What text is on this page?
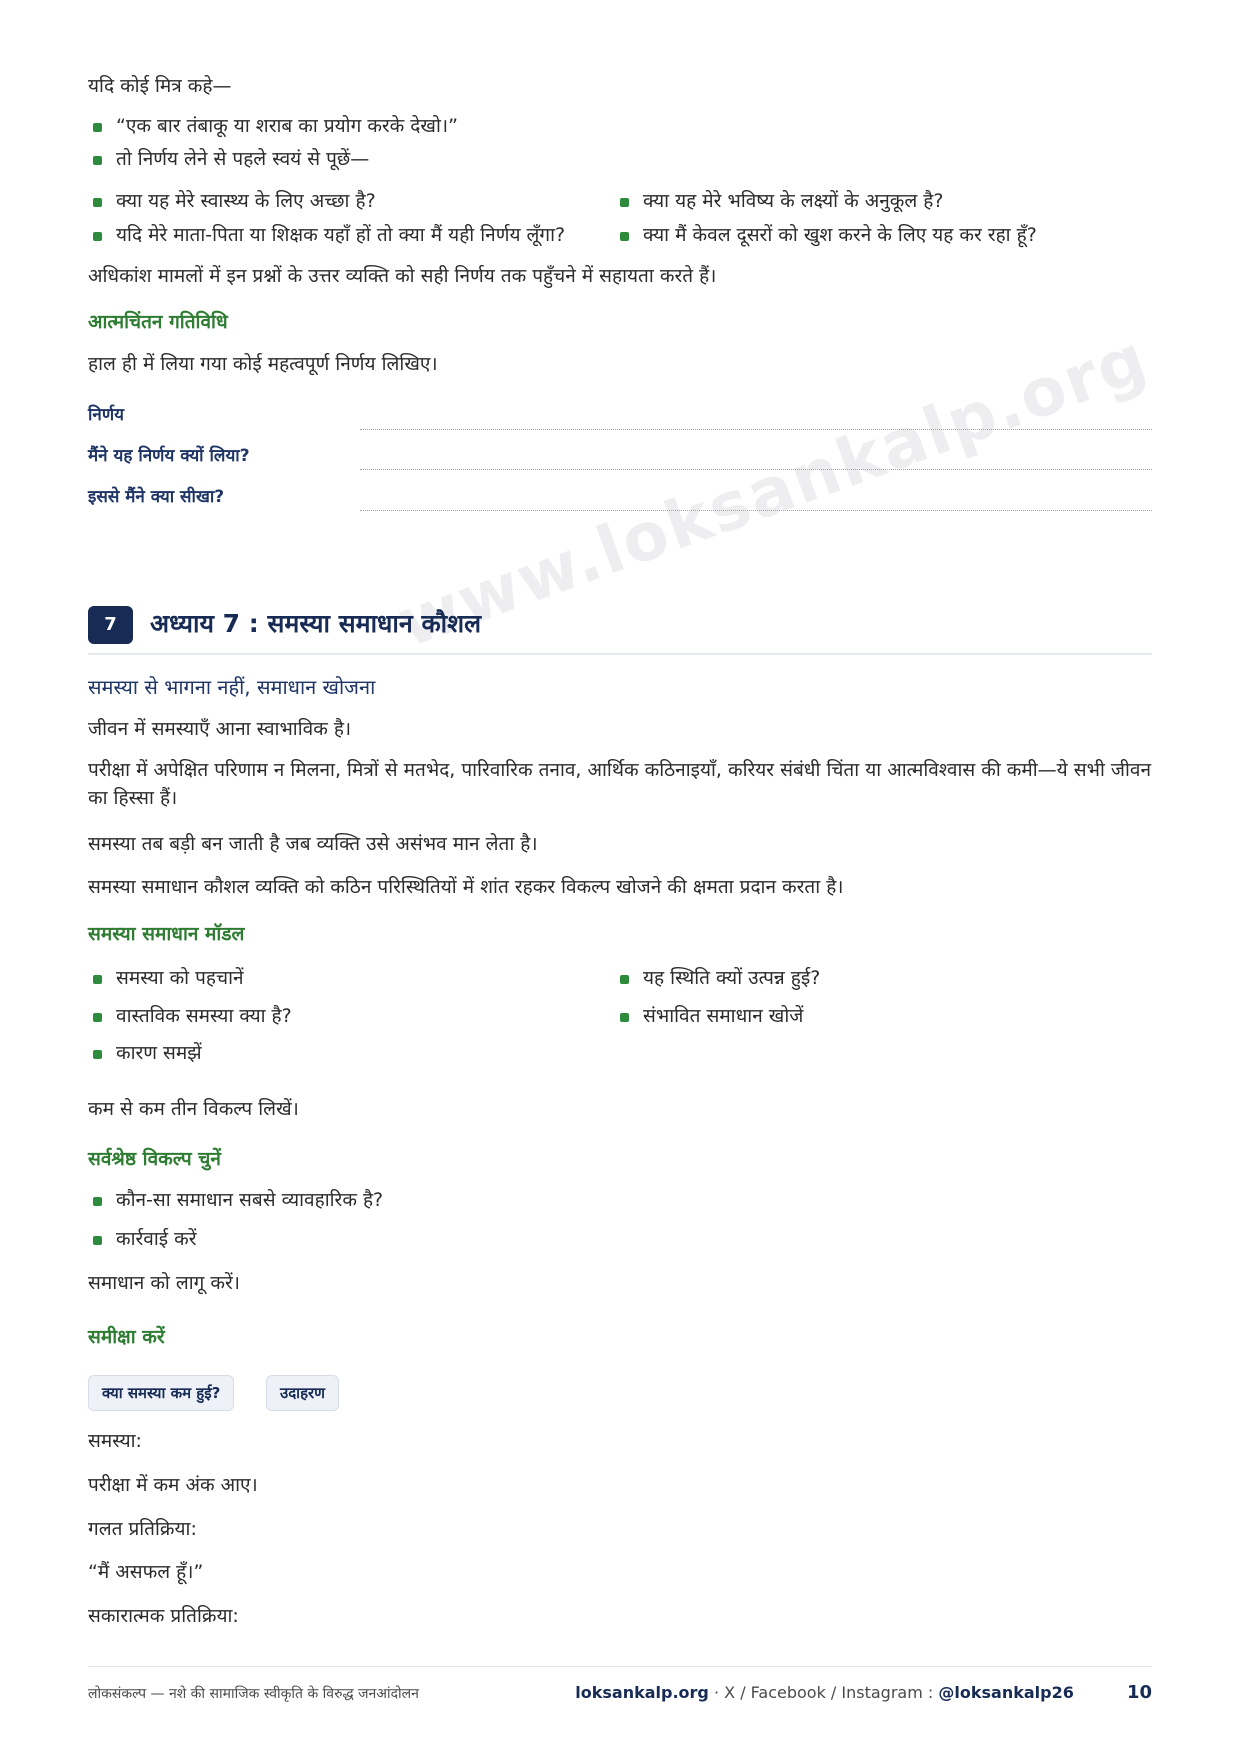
www.loksankalp.org

यदि कोई मित्र कहे—

“एक बार तंबाकू या शराब का प्रयोग करके देखो।”
तो निर्णय लेने से पहले स्वयं से पूछें—
क्या यह मेरे स्वास्थ्य के लिए अच्छा है?
यदि मेरे माता-पिता या शिक्षक यहाँ हों तो क्या मैं यही निर्णय लूँगा?
क्या यह मेरे भविष्य के लक्ष्यों के अनुकूल है?
क्या मैं केवल दूसरों को खुश करने के लिए यह कर रहा हूँ?

अधिकांश मामलों में इन प्रश्नों के उत्तर व्यक्ति को सही निर्णय तक पहुँचने में सहायता करते हैं।

आत्मचिंतन गतिविधि

हाल ही में लिया गया कोई महत्वपूर्ण निर्णय लिखिए।

निर्णय
मैंने यह निर्णय क्यों लिया?
इससे मैंने क्या सीखा?
7	अध्याय 7 : समस्या समाधान कौशल
समस्या से भागना नहीं, समाधान खोजना

जीवन में समस्याएँ आना स्वाभाविक है।

परीक्षा में अपेक्षित परिणाम न मिलना, मित्रों से मतभेद, पारिवारिक तनाव, आर्थिक कठिनाइयाँ, करियर संबंधी चिंता या आत्मविश्वास की कमी—ये सभी जीवन का हिस्सा हैं।

समस्या तब बड़ी बन जाती है जब व्यक्ति उसे असंभव मान लेता है।

समस्या समाधान कौशल व्यक्ति को कठिन परिस्थितियों में शांत रहकर विकल्प खोजने की क्षमता प्रदान करता है।

समस्या समाधान मॉडल
समस्या को पहचानें
वास्तविक समस्या क्या है?
कारण समझें
यह स्थिति क्यों उत्पन्न हुई?
संभावित समाधान खोजें

कम से कम तीन विकल्प लिखें।

सर्वश्रेष्ठ विकल्प चुनें
कौन-सा समाधान सबसे व्यावहारिक है?
कार्रवाई करें

समाधान को लागू करें।

समीक्षा करें
क्या समस्या कम हुई?	उदाहरण

समस्या:

परीक्षा में कम अंक आए।

गलत प्रतिक्रिया:

“मैं असफल हूँ।”

सकारात्मक प्रतिक्रिया:

लोकसंकल्प — नशे की सामाजिक स्वीकृति के विरुद्ध जनआंदोलन	loksankalp.org · X / Facebook / Instagram : @loksankalp26	10
